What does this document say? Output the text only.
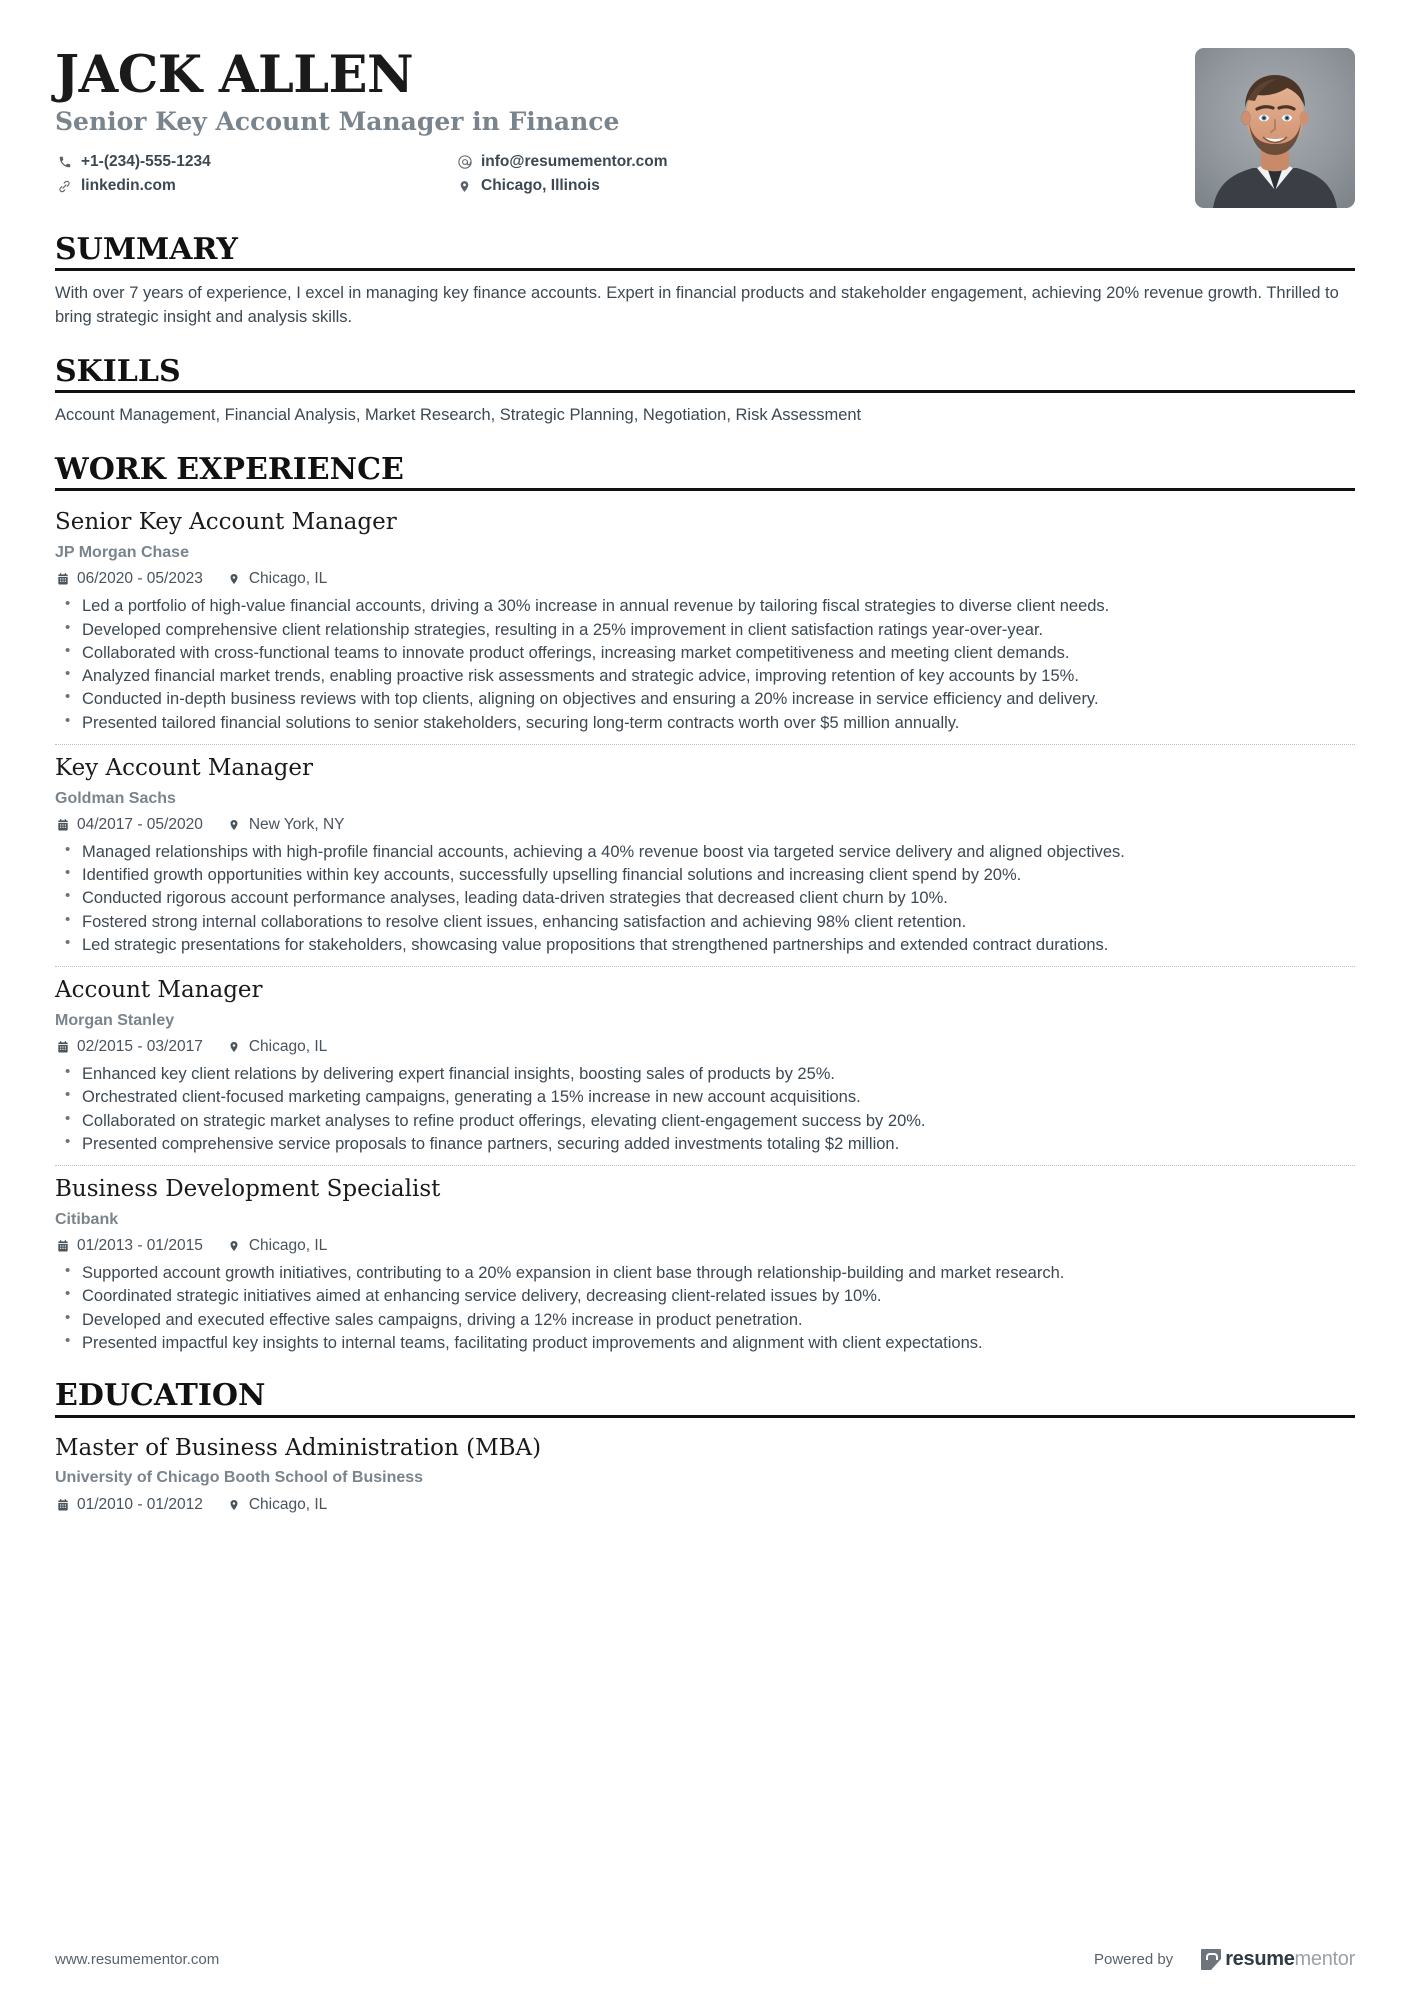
JACK ALLEN
Senior Key Account Manager in Finance
+1-(234)-555-1234	info@resumementor.com
linkedin.com	Chicago, Illinois
SUMMARY
With over 7 years of experience, I excel in managing key finance accounts. Expert in financial products and stakeholder engagement, achieving 20% revenue growth. Thrilled to bring strategic insight and analysis skills.
SKILLS
Account Management, Financial Analysis, Market Research, Strategic Planning, Negotiation, Risk Assessment
WORK EXPERIENCE
Senior Key Account Manager
JP Morgan Chase
06/2020 - 05/2023	Chicago, IL
• Led a portfolio of high-value financial accounts, driving a 30% increase in annual revenue by tailoring fiscal strategies to diverse client needs.
• Developed comprehensive client relationship strategies, resulting in a 25% improvement in client satisfaction ratings year-over-year.
• Collaborated with cross-functional teams to innovate product offerings, increasing market competitiveness and meeting client demands.
• Analyzed financial market trends, enabling proactive risk assessments and strategic advice, improving retention of key accounts by 15%.
• Conducted in-depth business reviews with top clients, aligning on objectives and ensuring a 20% increase in service efficiency and delivery.
• Presented tailored financial solutions to senior stakeholders, securing long-term contracts worth over $5 million annually.
Key Account Manager
Goldman Sachs
04/2017 - 05/2020	New York, NY
• Managed relationships with high-profile financial accounts, achieving a 40% revenue boost via targeted service delivery and aligned objectives.
• Identified growth opportunities within key accounts, successfully upselling financial solutions and increasing client spend by 20%.
• Conducted rigorous account performance analyses, leading data-driven strategies that decreased client churn by 10%.
• Fostered strong internal collaborations to resolve client issues, enhancing satisfaction and achieving 98% client retention.
• Led strategic presentations for stakeholders, showcasing value propositions that strengthened partnerships and extended contract durations.
Account Manager
Morgan Stanley
02/2015 - 03/2017	Chicago, IL
• Enhanced key client relations by delivering expert financial insights, boosting sales of products by 25%.
• Orchestrated client-focused marketing campaigns, generating a 15% increase in new account acquisitions.
• Collaborated on strategic market analyses to refine product offerings, elevating client-engagement success by 20%.
• Presented comprehensive service proposals to finance partners, securing added investments totaling $2 million.
Business Development Specialist
Citibank
01/2013 - 01/2015	Chicago, IL
• Supported account growth initiatives, contributing to a 20% expansion in client base through relationship-building and market research.
• Coordinated strategic initiatives aimed at enhancing service delivery, decreasing client-related issues by 10%.
• Developed and executed effective sales campaigns, driving a 12% increase in product penetration.
• Presented impactful key insights to internal teams, facilitating product improvements and alignment with client expectations.
EDUCATION
Master of Business Administration (MBA)
University of Chicago Booth School of Business
01/2010 - 01/2012	Chicago, IL
www.resumementor.com	Powered by	resume mentor
